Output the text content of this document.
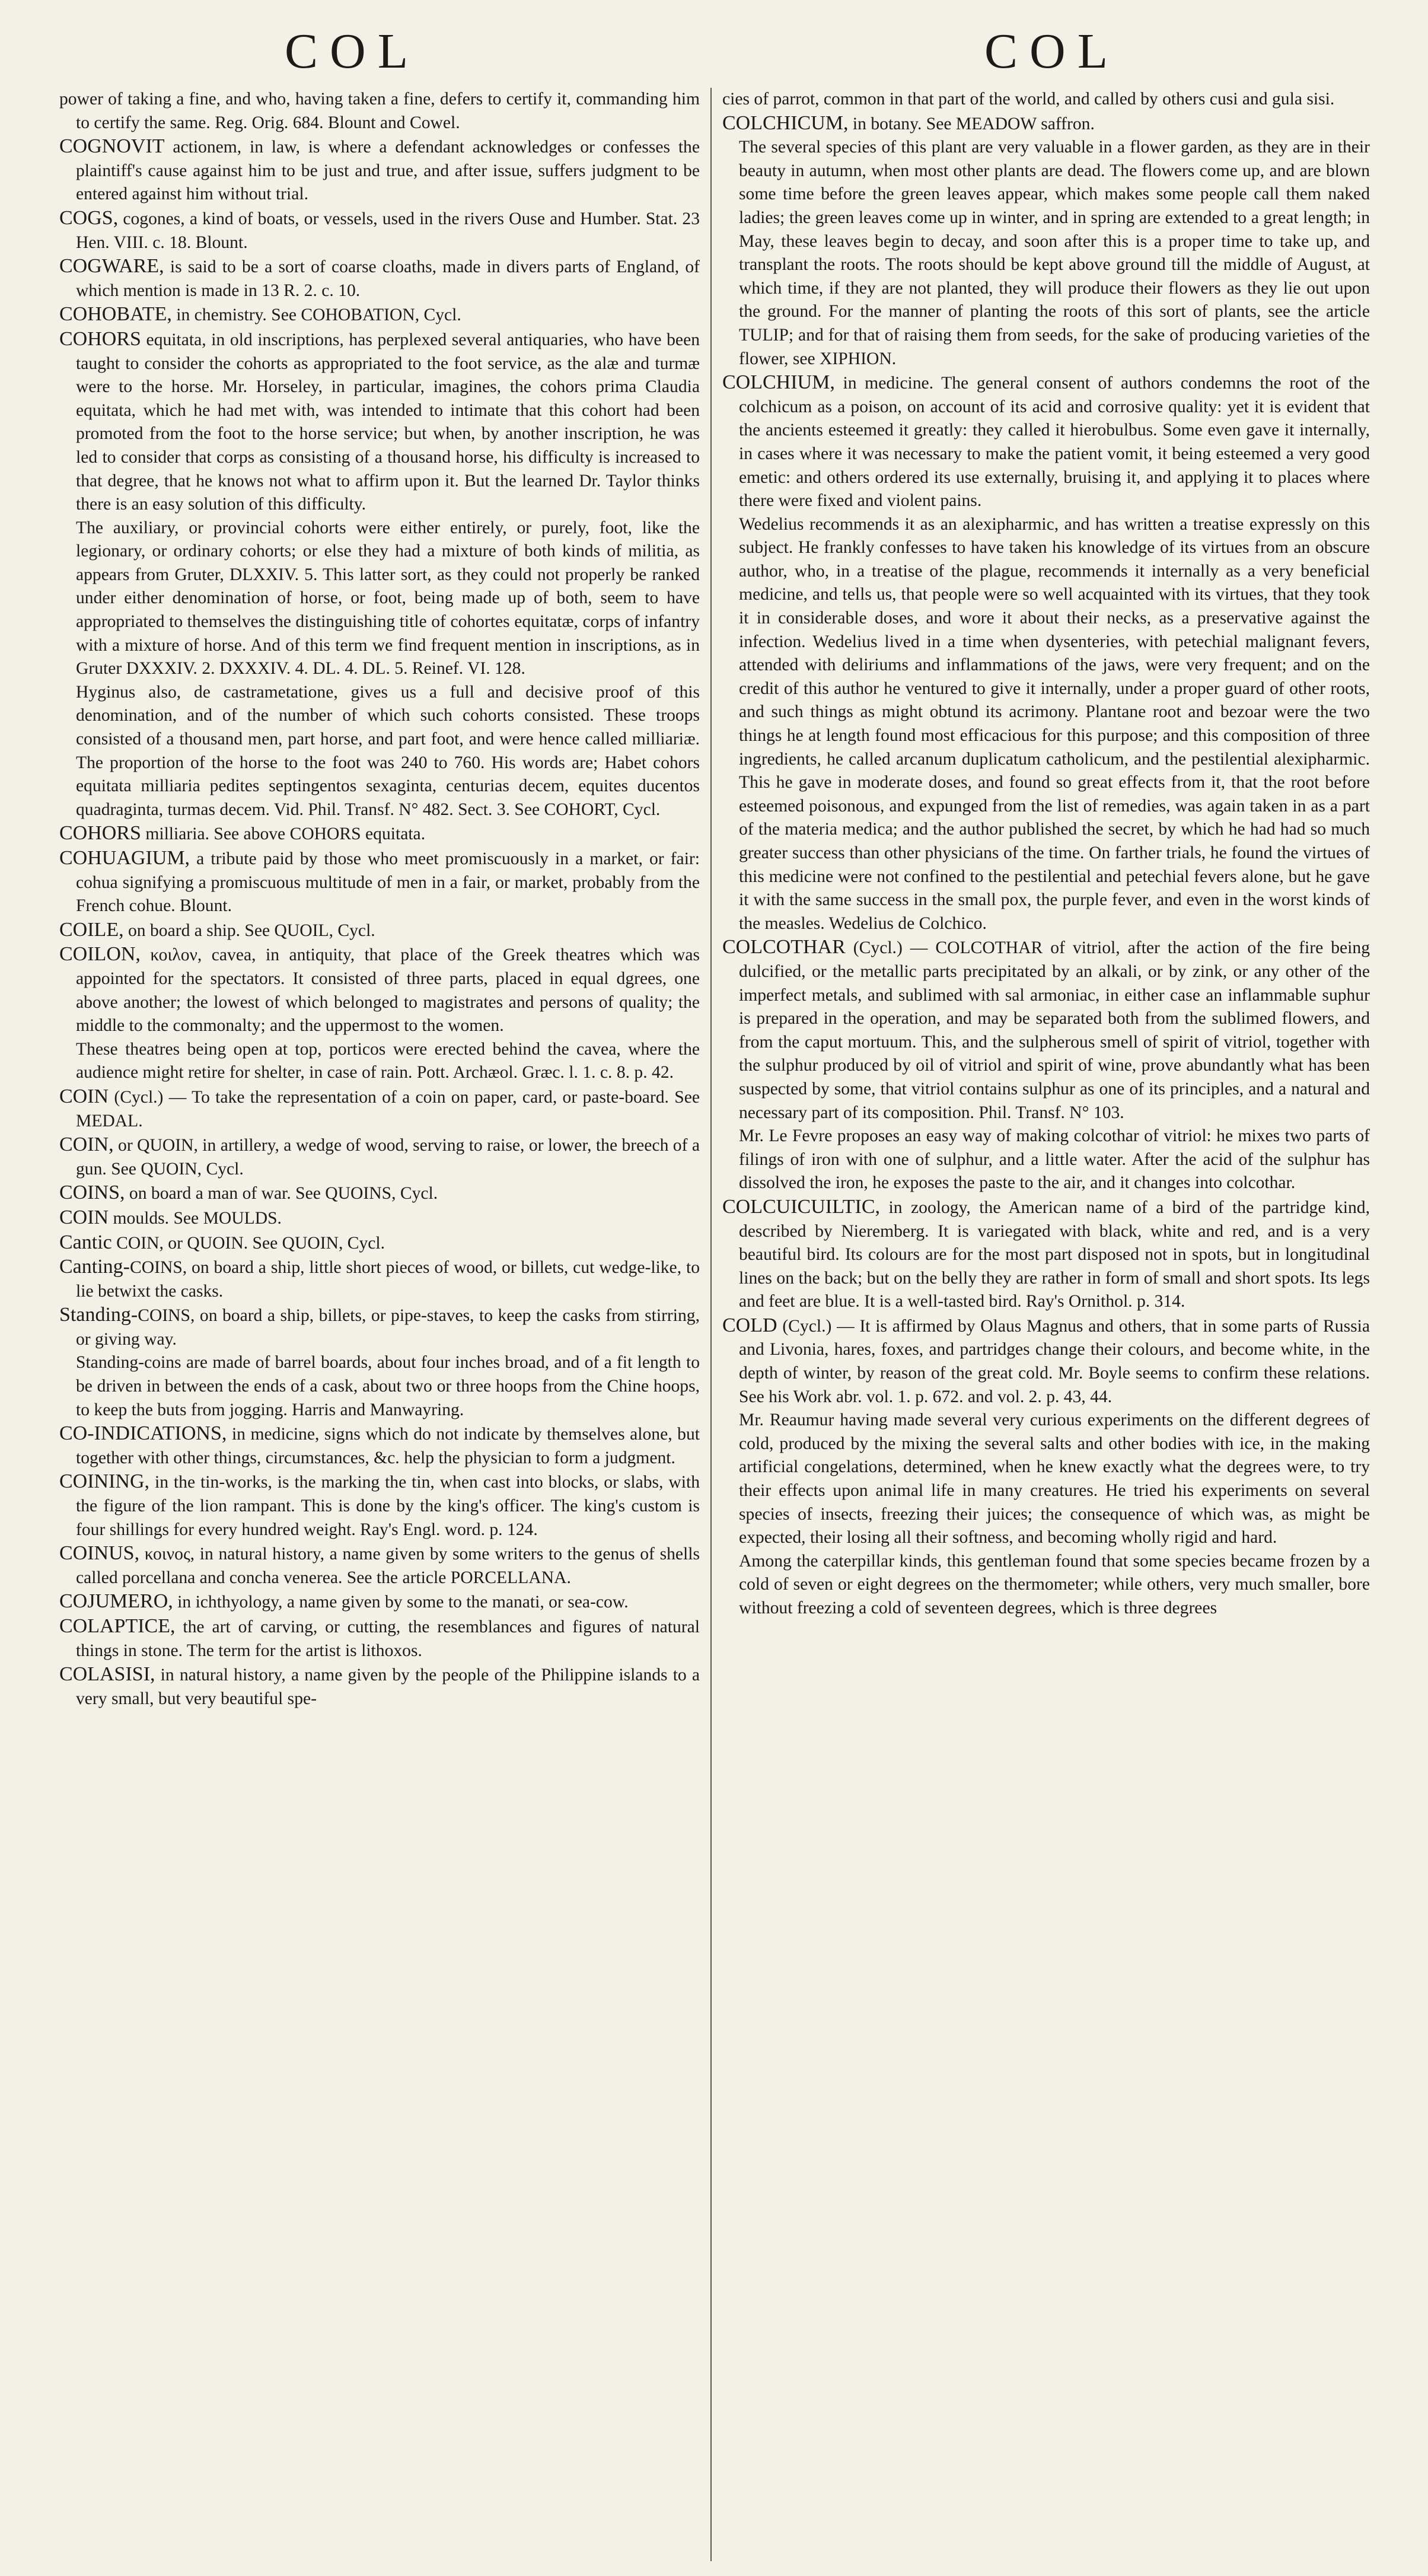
COL	COL

power of taking a fine, and who, having taken a fine, defers to certify it, commanding him to certify the same. Reg. Orig. 684. Blount and Cowel.

COGNOVIT actionem, in law, is where a defendant acknowledges or confesses the plaintiff's cause against him to be just and true, and after issue, suffers judgment to be entered against him without trial.

COGS, cogones, a kind of boats, or vessels, used in the rivers Ouse and Humber. Stat. 23 Hen. VIII. c. 18. Blount.

COGWARE, is said to be a sort of coarse cloaths, made in divers parts of England, of which mention is made in 13 R. 2. c. 10.

COHOBATE, in chemistry. See COHOBATION, Cycl.

COHORS equitata, in old inscriptions, has perplexed several antiquaries, who have been taught to consider the cohorts as appropriated to the foot service, as the alæ and turmæ were to the horse. Mr. Horseley, in particular, imagines, the cohors prima Claudia equitata, which he had met with, was intended to intimate that this cohort had been promoted from the foot to the horse service; but when, by another inscription, he was led to consider that corps as consisting of a thousand horse, his difficulty is increased to that degree, that he knows not what to affirm upon it. But the learned Dr. Taylor thinks there is an easy solution of this difficulty.

The auxiliary, or provincial cohorts were either entirely, or purely, foot, like the legionary, or ordinary cohorts; or else they had a mixture of both kinds of militia, as appears from Gruter, DLXXIV. 5. This latter sort, as they could not properly be ranked under either denomination of horse, or foot, being made up of both, seem to have appropriated to themselves the distinguishing title of cohortes equitatæ, corps of infantry with a mixture of horse. And of this term we find frequent mention in inscriptions, as in Gruter DXXXIV. 2. DXXXIV. 4. DL. 4. DL. 5. Reinef. VI. 128.

Hyginus also, de castrametatione, gives us a full and decisive proof of this denomination, and of the number of which such cohorts consisted. These troops consisted of a thousand men, part horse, and part foot, and were hence called milliariæ. The proportion of the horse to the foot was 240 to 760. His words are; Habet cohors equitata milliaria pedites septingentos sexaginta, centurias decem, equites ducentos quadraginta, turmas decem. Vid. Phil. Transf. N° 482. Sect. 3. See COHORT, Cycl.

COHORS milliaria. See above COHORS equitata.

COHUAGIUM, a tribute paid by those who meet promiscuously in a market, or fair: cohua signifying a promiscuous multitude of men in a fair, or market, probably from the French cohue. Blount.

COILE, on board a ship. See QUOIL, Cycl.

COILON, κοιλον, cavea, in antiquity, that place of the Greek theatres which was appointed for the spectators. It consisted of three parts, placed in equal dgrees, one above another; the lowest of which belonged to magistrates and persons of quality; the middle to the commonalty; and the uppermost to the women.

These theatres being open at top, porticos were erected behind the cavea, where the audience might retire for shelter, in case of rain. Pott. Archæol. Græc. l. 1. c. 8. p. 42.

COIN (Cycl.) — To take the representation of a coin on paper, card, or paste-board. See MEDAL.

COIN, or QUOIN, in artillery, a wedge of wood, serving to raise, or lower, the breech of a gun. See QUOIN, Cycl.

COINS, on board a man of war. See QUOINS, Cycl.

COIN moulds. See MOULDS.

Cantic COIN, or QUOIN. See QUOIN, Cycl.

Canting-COINS, on board a ship, little short pieces of wood, or billets, cut wedge-like, to lie betwixt the casks.

Standing-COINS, on board a ship, billets, or pipe-staves, to keep the casks from stirring, or giving way.

Standing-coins are made of barrel boards, about four inches broad, and of a fit length to be driven in between the ends of a cask, about two or three hoops from the Chine hoops, to keep the buts from jogging. Harris and Manwayring.

CO-INDICATIONS, in medicine, signs which do not indicate by themselves alone, but together with other things, circumstances, &c. help the physician to form a judgment.

COINING, in the tin-works, is the marking the tin, when cast into blocks, or slabs, with the figure of the lion rampant. This is done by the king's officer. The king's custom is four shillings for every hundred weight. Ray's Engl. word. p. 124.

COINUS, κοινος, in natural history, a name given by some writers to the genus of shells called porcellana and concha venerea. See the article PORCELLANA.

COJUMERO, in ichthyology, a name given by some to the manati, or sea-cow.

COLAPTICE, the art of carving, or cutting, the resemblances and figures of natural things in stone. The term for the artist is lithoxos.

COLASISI, in natural history, a name given by the people of the Philippine islands to a very small, but very beautiful spe-

cies of parrot, common in that part of the world, and called by others cusi and gula sisi.

COLCHICUM, in botany. See MEADOW saffron.

The several species of this plant are very valuable in a flower garden, as they are in their beauty in autumn, when most other plants are dead. The flowers come up, and are blown some time before the green leaves appear, which makes some people call them naked ladies; the green leaves come up in winter, and in spring are extended to a great length; in May, these leaves begin to decay, and soon after this is a proper time to take up, and transplant the roots. The roots should be kept above ground till the middle of August, at which time, if they are not planted, they will produce their flowers as they lie out upon the ground. For the manner of planting the roots of this sort of plants, see the article TULIP; and for that of raising them from seeds, for the sake of producing varieties of the flower, see XIPHION.

COLCHIUM, in medicine. The general consent of authors condemns the root of the colchicum as a poison, on account of its acid and corrosive quality: yet it is evident that the ancients esteemed it greatly: they called it hierobulbus. Some even gave it internally, in cases where it was necessary to make the patient vomit, it being esteemed a very good emetic: and others ordered its use externally, bruising it, and applying it to places where there were fixed and violent pains.

Wedelius recommends it as an alexipharmic, and has written a treatise expressly on this subject. He frankly confesses to have taken his knowledge of its virtues from an obscure author, who, in a treatise of the plague, recommends it internally as a very beneficial medicine, and tells us, that people were so well acquainted with its virtues, that they took it in considerable doses, and wore it about their necks, as a preservative against the infection. Wedelius lived in a time when dysenteries, with petechial malignant fevers, attended with deliriums and inflammations of the jaws, were very frequent; and on the credit of this author he ventured to give it internally, under a proper guard of other roots, and such things as might obtund its acrimony. Plantane root and bezoar were the two things he at length found most efficacious for this purpose; and this composition of three ingredients, he called arcanum duplicatum catholicum, and the pestilential alexipharmic. This he gave in moderate doses, and found so great effects from it, that the root before esteemed poisonous, and expunged from the list of remedies, was again taken in as a part of the materia medica; and the author published the secret, by which he had had so much greater success than other physicians of the time. On farther trials, he found the virtues of this medicine were not confined to the pestilential and petechial fevers alone, but he gave it with the same success in the small pox, the purple fever, and even in the worst kinds of the measles. Wedelius de Colchico.

COLCOTHAR (Cycl.) — COLCOTHAR of vitriol, after the action of the fire being dulcified, or the metallic parts precipitated by an alkali, or by zink, or any other of the imperfect metals, and sublimed with sal armoniac, in either case an inflammable suphur is prepared in the operation, and may be separated both from the sublimed flowers, and from the caput mortuum. This, and the sulpherous smell of spirit of vitriol, together with the sulphur produced by oil of vitriol and spirit of wine, prove abundantly what has been suspected by some, that vitriol contains sulphur as one of its principles, and a natural and necessary part of its composition. Phil. Transf. N° 103.

Mr. Le Fevre proposes an easy way of making colcothar of vitriol: he mixes two parts of filings of iron with one of sulphur, and a little water. After the acid of the sulphur has dissolved the iron, he exposes the paste to the air, and it changes into colcothar.

COLCUICUILTIC, in zoology, the American name of a bird of the partridge kind, described by Nieremberg. It is variegated with black, white and red, and is a very beautiful bird. Its colours are for the most part disposed not in spots, but in longitudinal lines on the back; but on the belly they are rather in form of small and short spots. Its legs and feet are blue. It is a well-tasted bird. Ray's Ornithol. p. 314.

COLD (Cycl.) — It is affirmed by Olaus Magnus and others, that in some parts of Russia and Livonia, hares, foxes, and partridges change their colours, and become white, in the depth of winter, by reason of the great cold. Mr. Boyle seems to confirm these relations. See his Work abr. vol. 1. p. 672. and vol. 2. p. 43, 44.

Mr. Reaumur having made several very curious experiments on the different degrees of cold, produced by the mixing the several salts and other bodies with ice, in the making artificial congelations, determined, when he knew exactly what the degrees were, to try their effects upon animal life in many creatures. He tried his experiments on several species of insects, freezing their juices; the consequence of which was, as might be expected, their losing all their softness, and becoming wholly rigid and hard.

Among the caterpillar kinds, this gentleman found that some species became frozen by a cold of seven or eight degrees on the thermometer; while others, very much smaller, bore without freezing a cold of seventeen degrees, which is three degrees
